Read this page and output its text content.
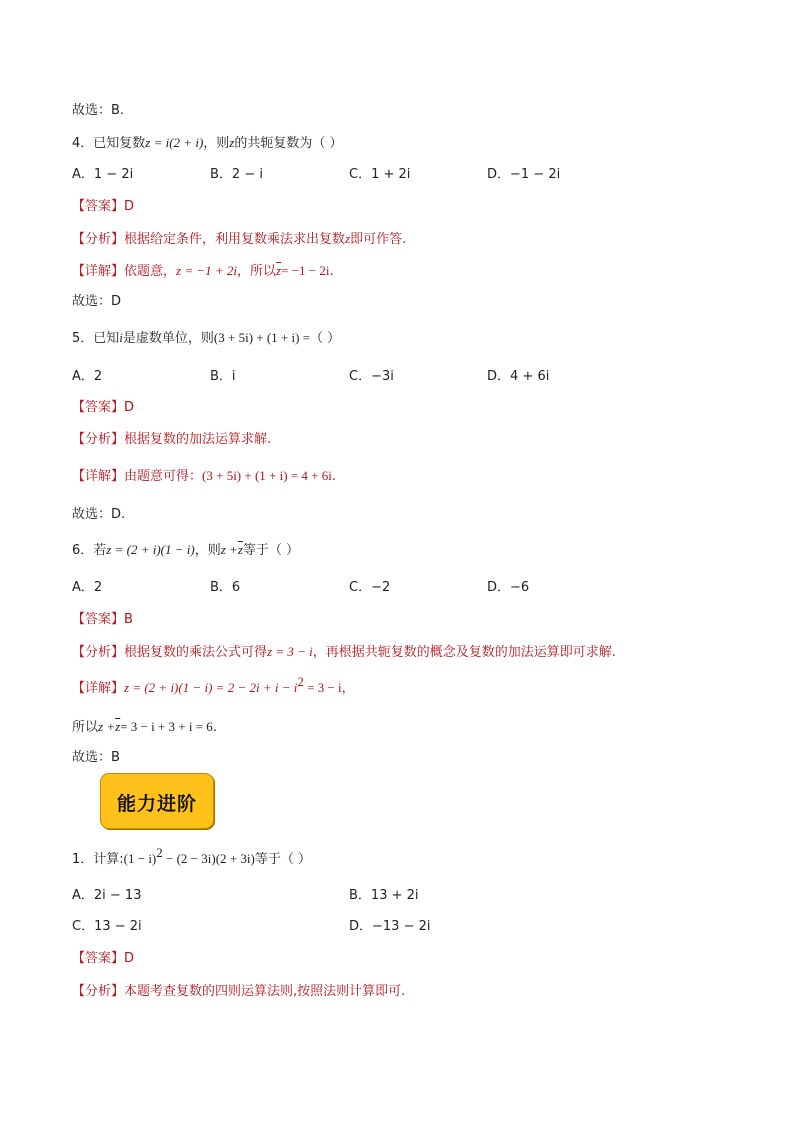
故选：B.
4．已知复数z = i(2 + i)，则z的共轭复数为（ ）
A．1 − 2i	B．2 − i	C．1 + 2i	D．−1 − 2i
【答案】D
【分析】根据给定条件，利用复数乘法求出复数z即可作答.
【详解】依题意，z = −1 + 2i，所以$\overline{z}= -1 - 2i$.
故选：D
5．已知i是虚数单位，则(3 + 5i) + (1 + i) =（ ）
A．2	B．i	C．−3i	D．4 + 6i
【答案】D
【分析】根据复数的加法运算求解.
【详解】由题意可得：(3 + 5i) + (1 + i) = 4 + 6i.
故选：D.
6．若z = (2 + i)(1 − i)，则$z +\overline{z}$等于（ ）
A．2	B．6	C．−2	D．−6
【答案】B
【分析】根据复数的乘法公式可得z = 3 − i，再根据共轭复数的概念及复数的加法运算即可求解.
【详解】$z = (2 + i)(1 - i) = 2 - 2i + i - i^2 = 3 - i$，
所以$z +\overline{z}= 3 - i + 3 + i = 6$.
故选：B
能力进阶
1．计算:(1 − i)$^2$ − (2 − 3i)(2 + 3i)等于（ ）
A．2i − 13	B．13 + 2i
C．13 − 2i	D．−13 − 2i
【答案】D
【分析】本题考查复数的四则运算法则,按照法则计算即可.
